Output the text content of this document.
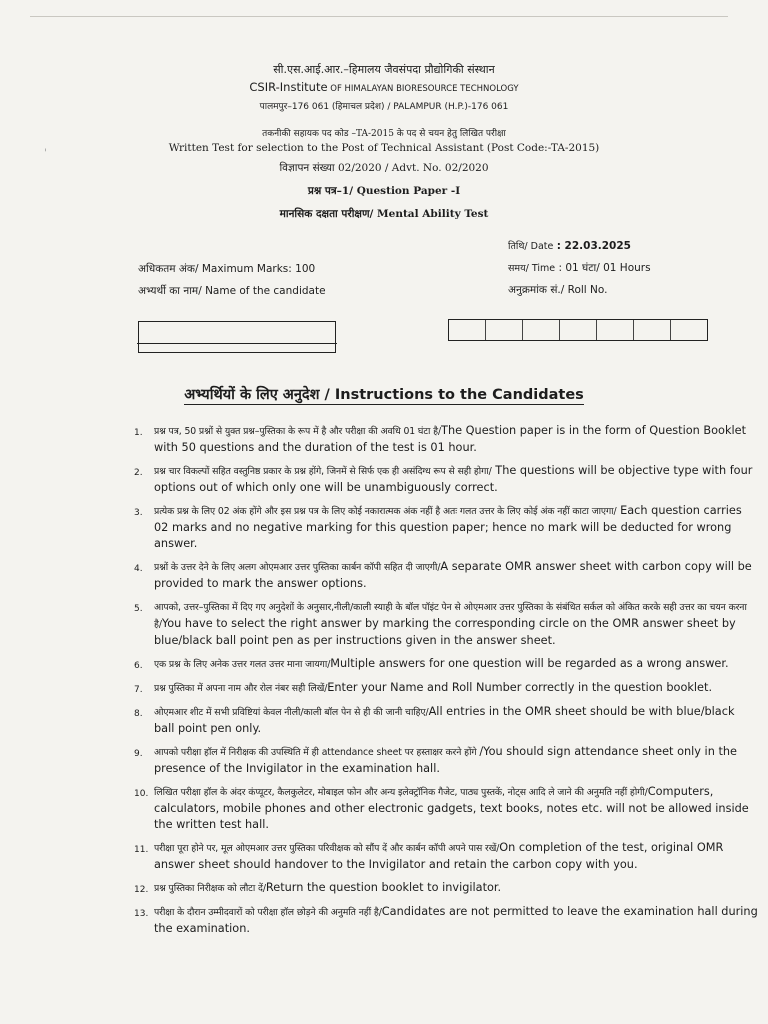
'
सी.एस.आई.आर.–हिमालय जैवसंपदा प्रौद्योगिकी संस्थान
CSIR-Institute OF HIMALAYAN BIORESOURCE TECHNOLOGY
पालमपुर–176 061 (हिमाचल प्रदेश) / PALAMPUR (H.P.)-176 061
तकनीकी सहायक पद कोड –TA-2015 के पद से चयन हेतु लिखित परीक्षा
Written Test for selection to the Post of Technical Assistant (Post Code:-TA-2015)
विज्ञापन संख्या 02/2020 / Advt. No. 02/2020
प्रश्न पत्र–1/ Question Paper -I
मानसिक दक्षता परीक्षण/ Mental Ability Test
तिथि/ Date : 22.03.2025
समय/ Time : 01 घंटा/ 01 Hours
अधिकतम अंक/ Maximum Marks: 100
अभ्यर्थी का नाम/ Name of the candidate	अनुक्रमांक सं./ Roll No.
अभ्यर्थियों के लिए अनुदेश / Instructions to the Candidates
1. प्रश्न पत्र, 50 प्रश्नों से युक्त प्रश्न–पुस्तिका के रूप में है और परीक्षा की अवधि 01 घंटा है/The Question paper is in the form of Question Booklet with 50 questions and the duration of the test is 01 hour.
2. प्रश्न चार विकल्पों सहित वस्तुनिष्ठ प्रकार के प्रश्न होंगे, जिनमें से सिर्फ एक ही असंदिग्ध रूप से सही होगा/ The questions will be objective type with four options out of which only one will be unambiguously correct.
3. प्रत्येक प्रश्न के लिए 02 अंक होंगे और इस प्रश्न पत्र के लिए कोई नकारात्मक अंक नहीं है अतः गलत उत्तर के लिए कोई अंक नहीं काटा जाएगा/ Each question carries 02 marks and no negative marking for this question paper; hence no mark will be deducted for wrong answer.
4. प्रश्नों के उत्तर देने के लिए अलग ओएमआर उत्तर पुस्तिका कार्बन कॉपी सहित दी जाएगी/A separate OMR answer sheet with carbon copy will be provided to mark the answer options.
5. आपको, उत्तर–पुस्तिका में दिए गए अनुदेशों के अनुसार,नीली/काली स्याही के बॉल पॉइंट पेन से ओएमआर उत्तर पुस्तिका के संबंधित सर्कल को अंकित करके सही उत्तर का चयन करना है/You have to select the right answer by marking the corresponding circle on the OMR answer sheet by blue/black ball point pen as per instructions given in the answer sheet.
6. एक प्रश्न के लिए अनेक उत्तर गलत उत्तर माना जायगा/Multiple answers for one question will be regarded as a wrong answer.
7. प्रश्न पुस्तिका में अपना नाम और रोल नंबर सही लिखें/Enter your Name and Roll Number correctly in the question booklet.
8. ओएमआर शीट में सभी प्रविष्टियां केवल नीली/काली बॉल पेन से ही की जानी चाहिए/All entries in the OMR sheet should be with blue/black ball point pen only.
9. आपको परीक्षा हॉल में निरीक्षक की उपस्थिति में ही attendance sheet पर हस्ताक्षर करने होंगे /You should sign attendance sheet only in the presence of the Invigilator in the examination hall.
10. लिखित परीक्षा हॉल के अंदर कंप्यूटर, कैलकुलेटर, मोबाइल फोन और अन्य इलेक्ट्रॉनिक गैजेट, पाठ्य पुस्तकें, नोट्स आदि ले जाने की अनुमति नहीं होगी/Computers, calculators, mobile phones and other electronic gadgets, text books, notes etc. will not be allowed inside the written test hall.
11. परीक्षा पूरा होने पर, मूल ओएमआर उत्तर पुस्तिका परिवीक्षक को सौंप दें और कार्बन कॉपी अपने पास रखें/On completion of the test, original OMR answer sheet should handover to the Invigilator and retain the carbon copy with you.
12. प्रश्न पुस्तिका निरीक्षक को लौटा दें/Return the question booklet to invigilator.
13. परीक्षा के दौरान उम्मीदवारों को परीक्षा हॉल छोड़ने की अनुमति नहीं है/Candidates are not permitted to leave the examination hall during the examination.
